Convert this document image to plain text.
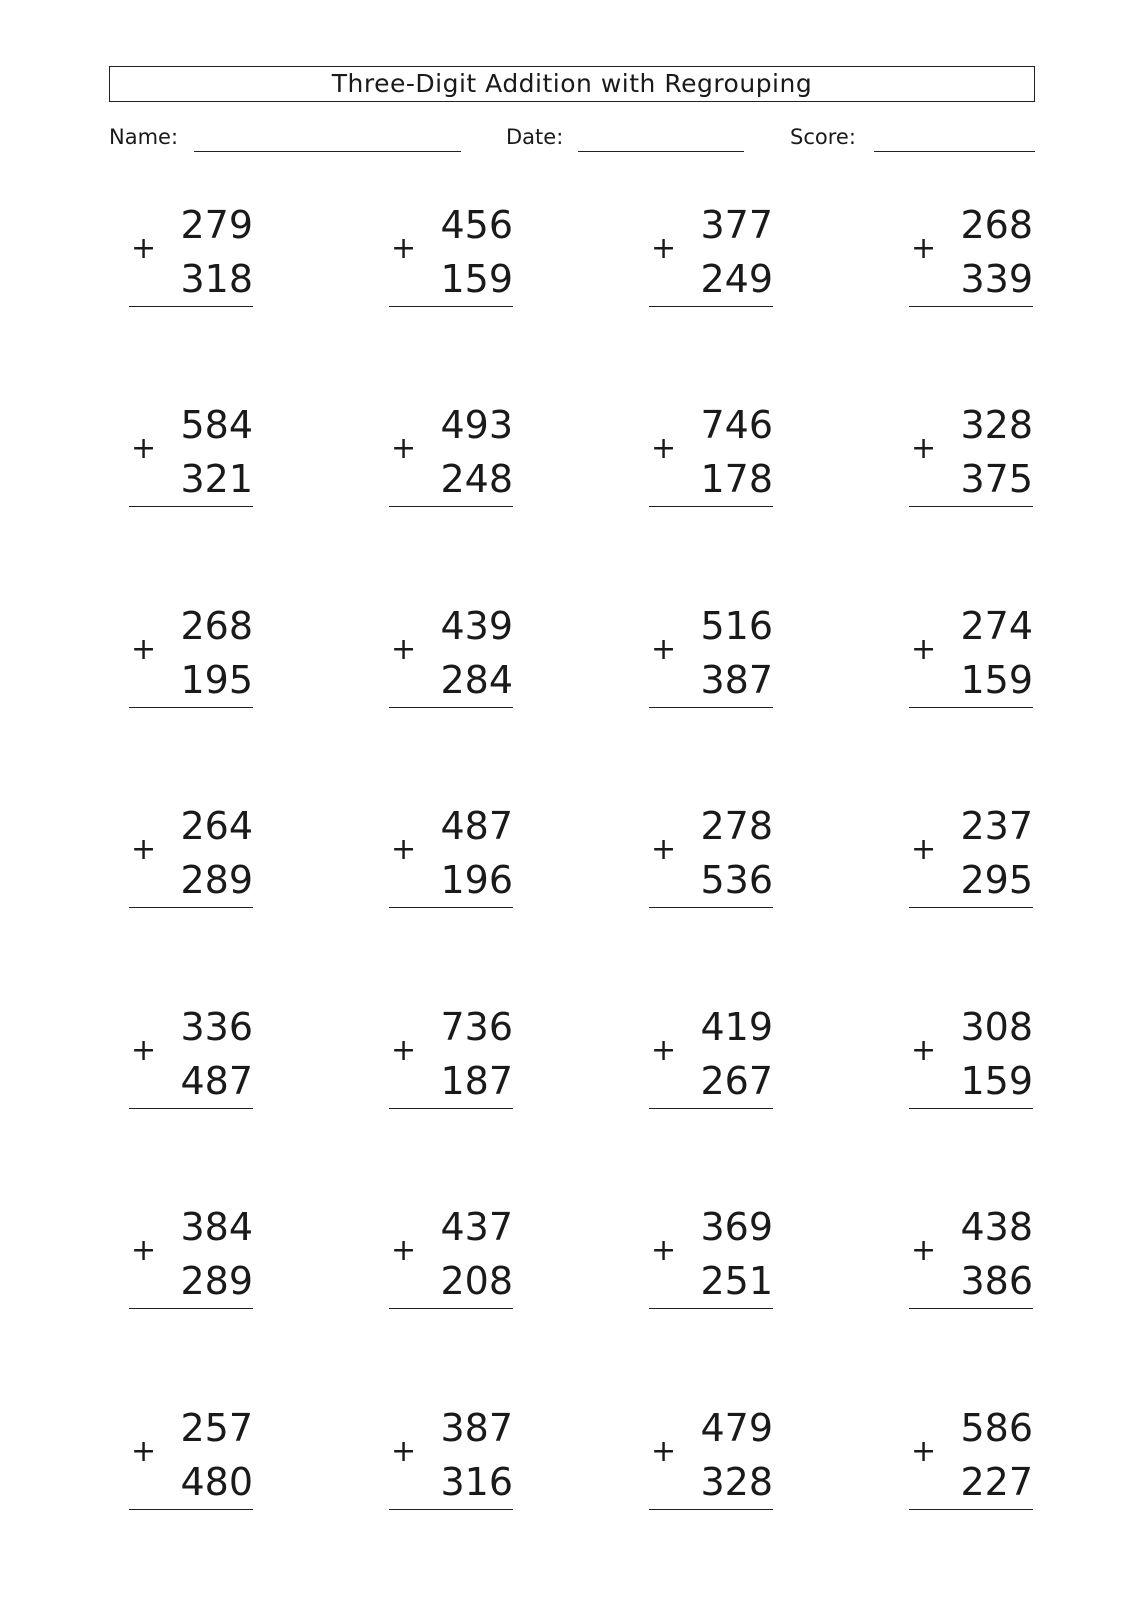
Three-Digit Addition with Regrouping
Name:	Date:	Score:
279
+
318
456
+
159
377
+
249
268
+
339
584
+
321
493
+
248
746
+
178
328
+
375
268
+
195
439
+
284
516
+
387
274
+
159
264
+
289
487
+
196
278
+
536
237
+
295
336
+
487
736
+
187
419
+
267
308
+
159
384
+
289
437
+
208
369
+
251
438
+
386
257
+
480
387
+
316
479
+
328
586
+
227
